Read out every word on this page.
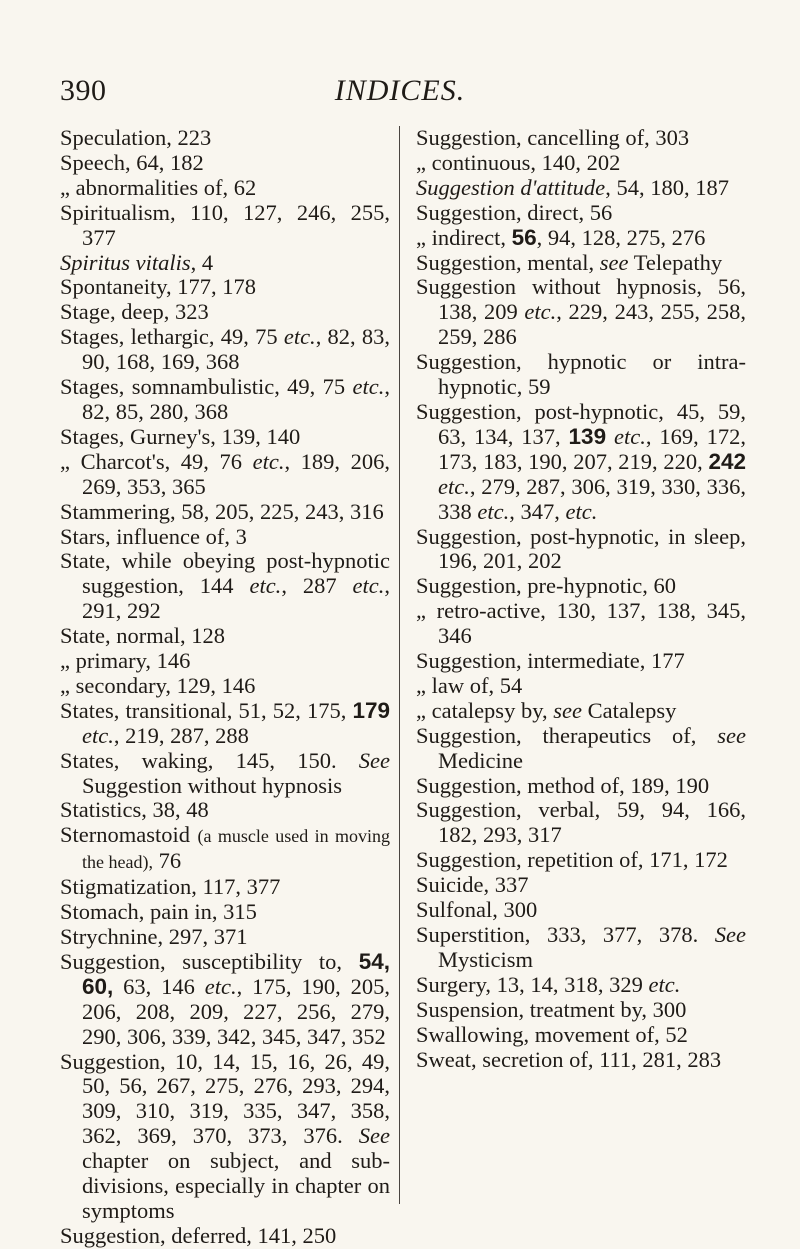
390	INDICES.
Speculation, 223
Speech, 64, 182
„ abnormalities of, 62
Spiritualism, 110, 127, 246, 255, 377
Spiritus vitalis, 4
Spontaneity, 177, 178
Stage, deep, 323
Stages, lethargic, 49, 75 etc., 82, 83, 90, 168, 169, 368
Stages, somnambulistic, 49, 75 etc., 82, 85, 280, 368
Stages, Gurney's, 139, 140
„ Charcot's, 49, 76 etc., 189, 206, 269, 353, 365
Stammering, 58, 205, 225, 243, 316
Stars, influence of, 3
State, while obeying post-hypnotic suggestion, 144 etc., 287 etc., 291, 292
State, normal, 128
„ primary, 146
„ secondary, 129, 146
States, transitional, 51, 52, 175, 179 etc., 219, 287, 288
States, waking, 145, 150. See Suggestion without hypnosis
Statistics, 38, 48
Sternomastoid (a muscle used in moving the head), 76
Stigmatization, 117, 377
Stomach, pain in, 315
Strychnine, 297, 371
Suggestion, susceptibility to, 54, 60, 63, 146 etc., 175, 190, 205, 206, 208, 209, 227, 256, 279, 290, 306, 339, 342, 345, 347, 352
Suggestion, 10, 14, 15, 16, 26, 49, 50, 56, 267, 275, 276, 293, 294, 309, 310, 319, 335, 347, 358, 362, 369, 370, 373, 376. See chapter on subject, and sub-divisions, especially in chapter on symptoms
Suggestion, deferred, 141, 250
Suggestion, cancelling of, 303
„ continuous, 140, 202
Suggestion d'attitude, 54, 180, 187
Suggestion, direct, 56
„ indirect, 56, 94, 128, 275, 276
Suggestion, mental, see Telepathy
Suggestion without hypnosis, 56, 138, 209 etc., 229, 243, 255, 258, 259, 286
Suggestion, hypnotic or intra-hypnotic, 59
Suggestion, post-hypnotic, 45, 59, 63, 134, 137, 139 etc., 169, 172, 173, 183, 190, 207, 219, 220, 242 etc., 279, 287, 306, 319, 330, 336, 338 etc., 347, etc.
Suggestion, post-hypnotic, in sleep, 196, 201, 202
Suggestion, pre-hypnotic, 60
„ retro-active, 130, 137, 138, 345, 346
Suggestion, intermediate, 177
„ law of, 54
„ catalepsy by, see Catalepsy
Suggestion, therapeutics of, see Medicine
Suggestion, method of, 189, 190
Suggestion, verbal, 59, 94, 166, 182, 293, 317
Suggestion, repetition of, 171, 172
Suicide, 337
Sulfonal, 300
Superstition, 333, 377, 378. See Mysticism
Surgery, 13, 14, 318, 329 etc.
Suspension, treatment by, 300
Swallowing, movement of, 52
Sweat, secretion of, 111, 281, 283
